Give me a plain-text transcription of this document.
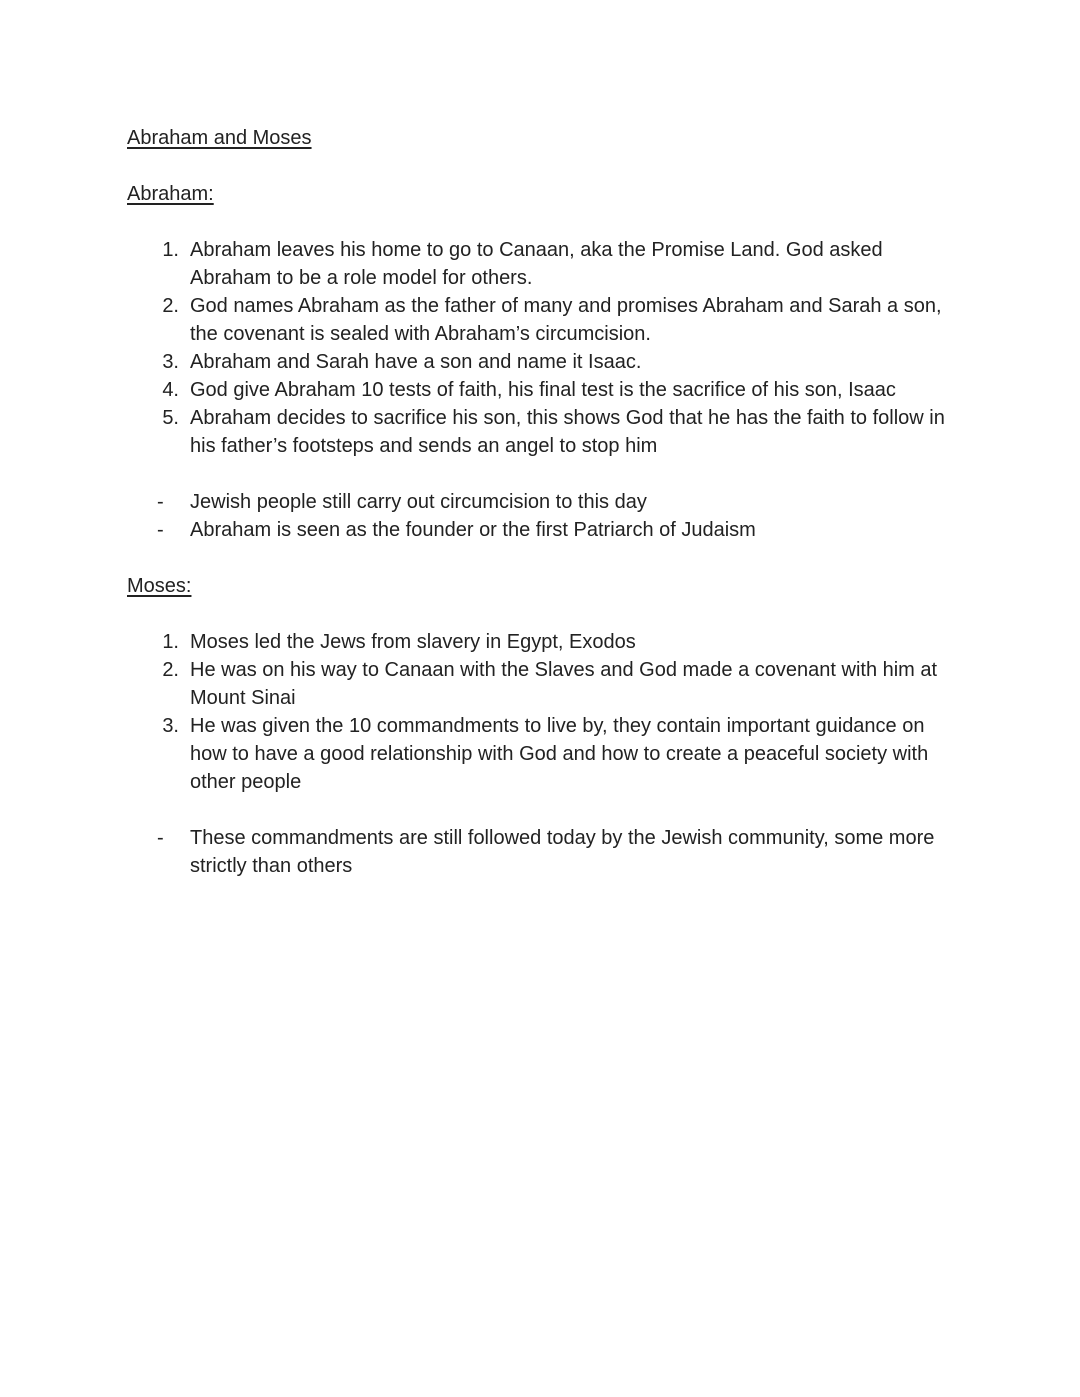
Abraham and Moses

Abraham:

1. Abraham leaves his home to go to Canaan, aka the Promise Land. God asked Abraham to be a role model for others.
2. God names Abraham as the father of many and promises Abraham and Sarah a son, the covenant is sealed with Abraham’s circumcision.
3. Abraham and Sarah have a son and name it Isaac.
4. God give Abraham 10 tests of faith, his final test is the sacrifice of his son, Isaac
5. Abraham decides to sacrifice his son, this shows God that he has the faith to follow in his father’s footsteps and sends an angel to stop him
- Jewish people still carry out circumcision to this day
- Abraham is seen as the founder or the first Patriarch of Judaism

Moses:

1. Moses led the Jews from slavery in Egypt, Exodos
2. He was on his way to Canaan with the Slaves and God made a covenant with him at Mount Sinai
3. He was given the 10 commandments to live by, they contain important guidance on how to have a good relationship with God and how to create a peaceful society with other people
- These commandments are still followed today by the Jewish community, some more strictly than others
